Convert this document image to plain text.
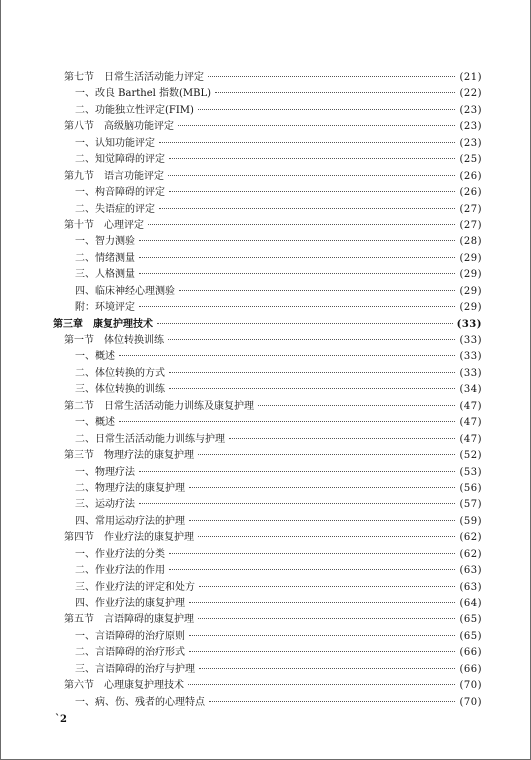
第七节　日常生活活动能力评定	(21)
一、改良 Barthel 指数(MBL)	(22)
二、功能独立性评定(FIM)	(23)
第八节　高级脑功能评定	(23)
一、认知功能评定	(23)
二、知觉障碍的评定	(25)
第九节　语言功能评定	(26)
一、构音障碍的评定	(26)
二、失语症的评定	(27)
第十节　心理评定	(27)
一、智力测验	(28)
二、情绪测量	(29)
三、人格测量	(29)
四、临床神经心理测验	(29)
附：环境评定	(29)
第三章　康复护理技术	(33)
第一节　体位转换训练	(33)
一、概述	(33)
二、体位转换的方式	(33)
三、体位转换的训练	(34)
第二节　日常生活活动能力训练及康复护理	(47)
一、概述	(47)
二、日常生活活动能力训练与护理	(47)
第三节　物理疗法的康复护理	(52)
一、物理疗法	(53)
二、物理疗法的康复护理	(56)
三、运动疗法	(57)
四、常用运动疗法的护理	(59)
第四节　作业疗法的康复护理	(62)
一、作业疗法的分类	(62)
二、作业疗法的作用	(63)
三、作业疗法的评定和处方	(63)
四、作业疗法的康复护理	(64)
第五节　言语障碍的康复护理	(65)
一、言语障碍的治疗原则	(65)
二、言语障碍的治疗形式	(66)
三、言语障碍的治疗与护理	(66)
第六节　心理康复护理技术	(70)
一、病、伤、残者的心理特点	(70)
`2
